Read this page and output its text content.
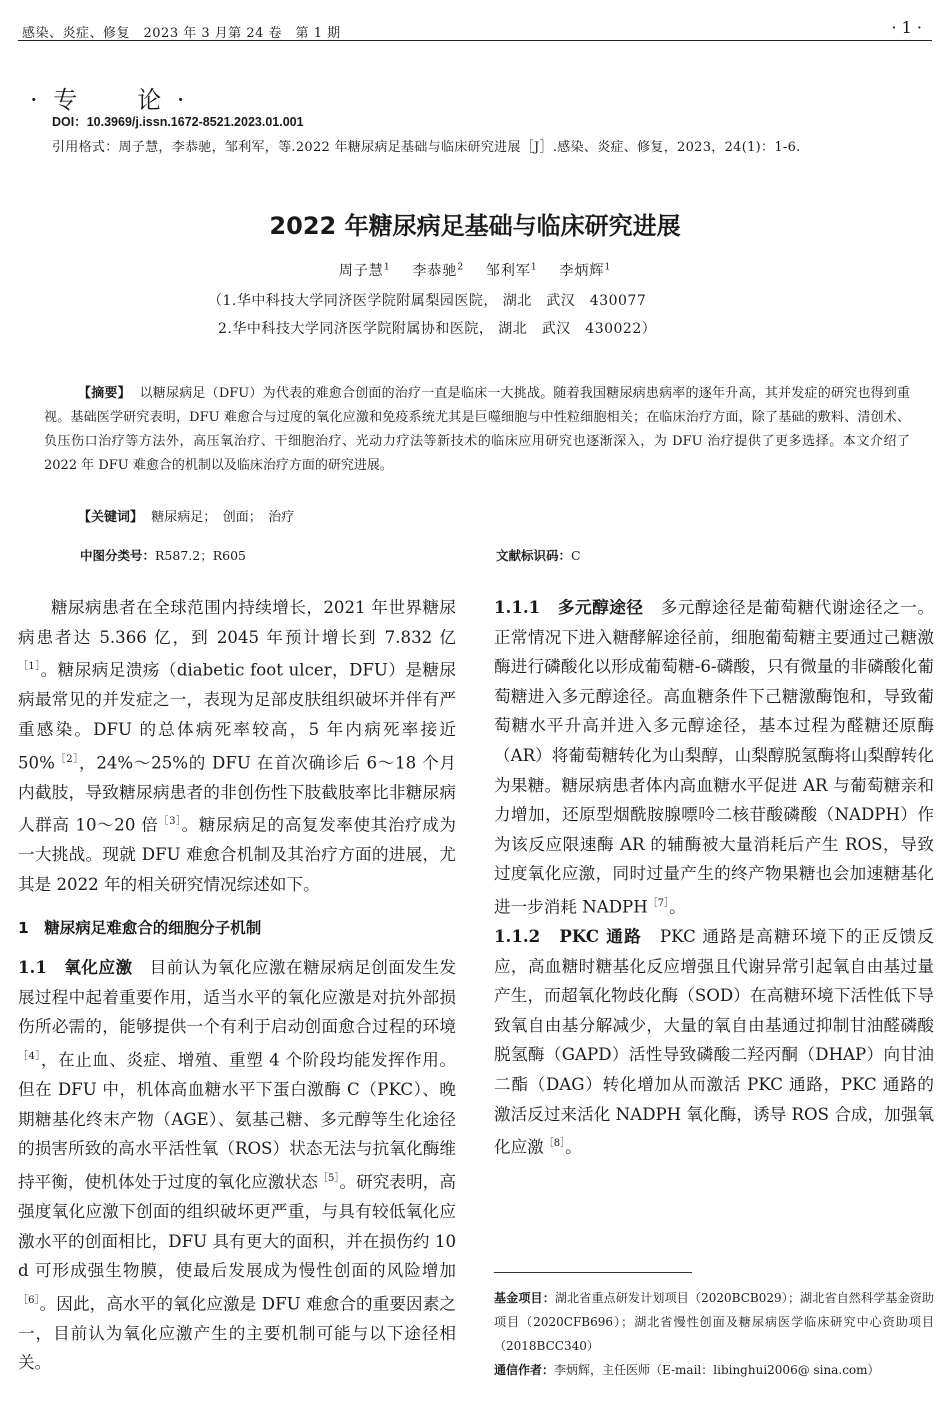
感染、炎症、修复　2023 年 3 月第 24 卷　第 1 期	· 1 ·
· 专　　论 ·
DOI：10.3969/j.issn.1672-8521.2023.01.001
引用格式：周子慧，李恭驰，邹利军，等.2022 年糖尿病足基础与临床研究进展［J］.感染、炎症、修复，2023，24(1)：1-6.
2022 年糖尿病足基础与临床研究进展
周子慧$^1$ 李恭驰$^2$ 邹利军$^1$ 李炳辉$^1$
（1.华中科技大学同济医学院附属梨园医院， 湖北　武汉　430077
2.华中科技大学同济医学院附属协和医院， 湖北　武汉　430022）
【摘要】 以糖尿病足（DFU）为代表的难愈合创面的治疗一直是临床一大挑战。随着我国糖尿病患病率的逐年升高，其并发症的研究也得到重视。基础医学研究表明，DFU 难愈合与过度的氧化应激和免疫系统尤其是巨噬细胞与中性粒细胞相关；在临床治疗方面，除了基础的敷料、清创术、负压伤口治疗等方法外，高压氧治疗、干细胞治疗、光动力疗法等新技术的临床应用研究也逐渐深入，为 DFU 治疗提供了更多选择。本文介绍了 2022 年 DFU 难愈合的机制以及临床治疗方面的研究进展。
【关键词】 糖尿病足；　创面；　治疗
中图分类号：R587.2；R605	文献标识码：C

糖尿病患者在全球范围内持续增长，2021 年世界糖尿病患者达 5.366 亿，到 2045 年预计增长到 7.832 亿$^{[1]}$。糖尿病足溃疡（diabetic foot ulcer，DFU）是糖尿病最常见的并发症之一，表现为足部皮肤组织破坏并伴有严重感染。DFU 的总体病死率较高，5 年内病死率接近 50%$^{[2]}$，24%～25%的 DFU 在首次确诊后 6～18 个月内截肢，导致糖尿病患者的非创伤性下肢截肢率比非糖尿病人群高 10～20 倍$^{[3]}$。糖尿病足的高复发率使其治疗成为一大挑战。现就 DFU 难愈合机制及其治疗方面的进展，尤其是 2022 年的相关研究情况综述如下。

1　糖尿病足难愈合的细胞分子机制

1.1　氧化应激　目前认为氧化应激在糖尿病足创面发生发展过程中起着重要作用，适当水平的氧化应激是对抗外部损伤所必需的，能够提供一个有利于启动创面愈合过程的环境$^{[4]}$，在止血、炎症、增殖、重塑 4 个阶段均能发挥作用。但在 DFU 中，机体高血糖水平下蛋白激酶 C（PKC）、晚期糖基化终末产物（AGE）、氨基己糖、多元醇等生化途径的损害所致的高水平活性氧（ROS）状态无法与抗氧化酶维持平衡，使机体处于过度的氧化应激状态$^{[5]}$。研究表明，高强度氧化应激下创面的组织破坏更严重，与具有较低氧化应激水平的创面相比，DFU 具有更大的面积，并在损伤约 10 d 可形成强生物膜，使最后发展成为慢性创面的风险增加$^{[6]}$。因此，高水平的氧化应激是 DFU 难愈合的重要因素之一，目前认为氧化应激产生的主要机制可能与以下途径相关。

1.1.1　多元醇途径　多元醇途径是葡萄糖代谢途径之一。正常情况下进入糖酵解途径前，细胞葡萄糖主要通过己糖激酶进行磷酸化以形成葡萄糖-6-磷酸，只有微量的非磷酸化葡萄糖进入多元醇途径。高血糖条件下己糖激酶饱和，导致葡萄糖水平升高并进入多元醇途径，基本过程为醛糖还原酶（AR）将葡萄糖转化为山梨醇，山梨醇脱氢酶将山梨醇转化为果糖。糖尿病患者体内高血糖水平促进 AR 与葡萄糖亲和力增加，还原型烟酰胺腺嘌呤二核苷酸磷酸（NADPH）作为该反应限速酶 AR 的辅酶被大量消耗后产生 ROS，导致过度氧化应激，同时过量产生的终产物果糖也会加速糖基化进一步消耗 NADPH$^{[7]}$。

1.1.2　PKC 通路　PKC 通路是高糖环境下的正反馈反应，高血糖时糖基化反应增强且代谢异常引起氧自由基过量产生，而超氧化物歧化酶（SOD）在高糖环境下活性低下导致氧自由基分解减少，大量的氧自由基通过抑制甘油醛磷酸脱氢酶（GAPD）活性导致磷酸二羟丙酮（DHAP）向甘油二酯（DAG）转化增加从而激活 PKC 通路，PKC 通路的激活反过来活化 NADPH 氧化酶，诱导 ROS 合成，加强氧化应激$^{[8]}$。

基金项目：湖北省重点研发计划项目（2020BCB029）；湖北省自然科学基金资助项目（2020CFB696）；湖北省慢性创面及糖尿病医学临床研究中心资助项目（2018BCC340）
通信作者：李炳辉，主任医师（E-mail：libinghui2006@ sina.com）
